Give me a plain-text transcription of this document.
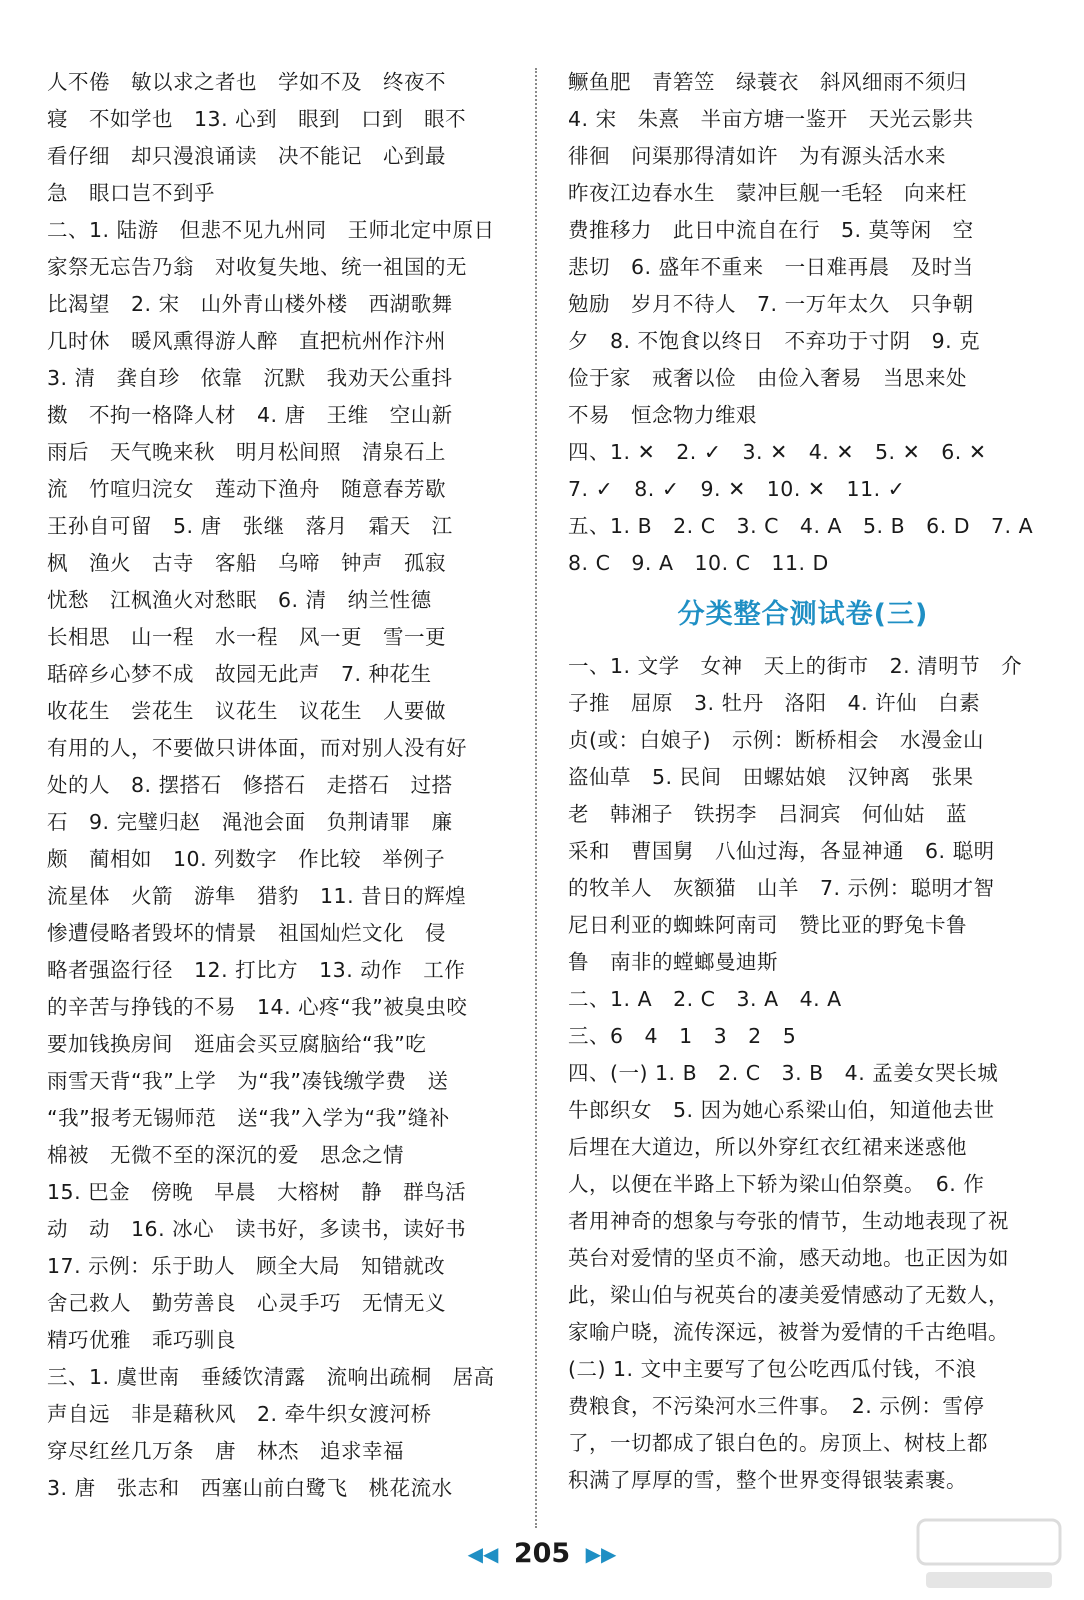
人不倦　敏以求之者也　学如不及　终夜不
寝　不如学也　13. 心到　眼到　口到　眼不
看仔细　却只漫浪诵读　决不能记　心到最
急　眼口岂不到乎
二、1. 陆游　但悲不见九州同　王师北定中原日
家祭无忘告乃翁　对收复失地、统一祖国的无
比渴望　2. 宋　山外青山楼外楼　西湖歌舞
几时休　暖风熏得游人醉　直把杭州作汴州
3. 清　龚自珍　依靠　沉默　我劝天公重抖
擞　不拘一格降人材　4. 唐　王维　空山新
雨后　天气晚来秋　明月松间照　清泉石上
流　竹喧归浣女　莲动下渔舟　随意春芳歇
王孙自可留　5. 唐　张继　落月　霜天　江
枫　渔火　古寺　客船　乌啼　钟声　孤寂
忧愁　江枫渔火对愁眠　6. 清　纳兰性德
长相思　山一程　水一程　风一更　雪一更
聒碎乡心梦不成　故园无此声　7. 种花生
收花生　尝花生　议花生　议花生　人要做
有用的人，不要做只讲体面，而对别人没有好
处的人　8. 摆搭石　修搭石　走搭石　过搭
石　9. 完璧归赵　渑池会面　负荆请罪　廉
颇　蔺相如　10. 列数字　作比较　举例子
流星体　火箭　游隼　猎豹　11. 昔日的辉煌
惨遭侵略者毁坏的情景　祖国灿烂文化　侵
略者强盗行径　12. 打比方　13. 动作　工作
的辛苦与挣钱的不易　14. 心疼“我”被臭虫咬
要加钱换房间　逛庙会买豆腐脑给“我”吃
雨雪天背“我”上学　为“我”凑钱缴学费　送
“我”报考无锡师范　送“我”入学为“我”缝补
棉被　无微不至的深沉的爱　思念之情
15. 巴金　傍晚　早晨　大榕树　静　群鸟活
动　动　16. 冰心　读书好，多读书，读好书
17. 示例：乐于助人　顾全大局　知错就改
舍己救人　勤劳善良　心灵手巧　无情无义
精巧优雅　乖巧驯良
三、1. 虞世南　垂緌饮清露　流响出疏桐　居高
声自远　非是藉秋风　2. 牵牛织女渡河桥
穿尽红丝几万条　唐　林杰　追求幸福
3. 唐　张志和　西塞山前白鹭飞　桃花流水
鳜鱼肥　青箬笠　绿蓑衣　斜风细雨不须归
4. 宋　朱熹　半亩方塘一鉴开　天光云影共
徘徊　问渠那得清如许　为有源头活水来
昨夜江边春水生　蒙冲巨舰一毛轻　向来枉
费推移力　此日中流自在行　5. 莫等闲　空
悲切　6. 盛年不重来　一日难再晨　及时当
勉励　岁月不待人　7. 一万年太久　只争朝
夕　8. 不饱食以终日　不弃功于寸阴　9. 克
俭于家　戒奢以俭　由俭入奢易　当思来处
不易　恒念物力维艰
四、1. ✕　2. ✓　3. ✕　4. ✕　5. ✕　6. ✕
7. ✓　8. ✓　9. ✕　10. ✕　11. ✓
五、1. B　2. C　3. C　4. A　5. B　6. D　7. A
8. C　9. A　10. C　11. D
分类整合测试卷(三)
一、1. 文学　女神　天上的街市　2. 清明节　介
子推　屈原　3. 牡丹　洛阳　4. 许仙　白素
贞(或：白娘子)　示例：断桥相会　水漫金山
盗仙草　5. 民间　田螺姑娘　汉钟离　张果
老　韩湘子　铁拐李　吕洞宾　何仙姑　蓝
采和　曹国舅　八仙过海，各显神通　6. 聪明
的牧羊人　灰额猫　山羊　7. 示例：聪明才智
尼日利亚的蜘蛛阿南司　赞比亚的野兔卡鲁
鲁　南非的螳螂曼迪斯
二、1. A　2. C　3. A　4. A
三、6　4　1　3　2　5
四、(一) 1. B　2. C　3. B　4. 孟姜女哭长城
牛郎织女　5. 因为她心系梁山伯，知道他去世
后埋在大道边，所以外穿红衣红裙来迷惑他
人，以便在半路上下轿为梁山伯祭奠。　6. 作
者用神奇的想象与夸张的情节，生动地表现了祝
英台对爱情的坚贞不渝，感天动地。也正因为如
此，梁山伯与祝英台的凄美爱情感动了无数人，
家喻户晓，流传深远，被誉为爱情的千古绝唱。
(二) 1. 文中主要写了包公吃西瓜付钱，不浪
费粮食，不污染河水三件事。　2. 示例：雪停
了，一切都成了银白色的。房顶上、树枝上都
积满了厚厚的雪，整个世界变得银装素裹。
◀◀ 205 ▶▶
